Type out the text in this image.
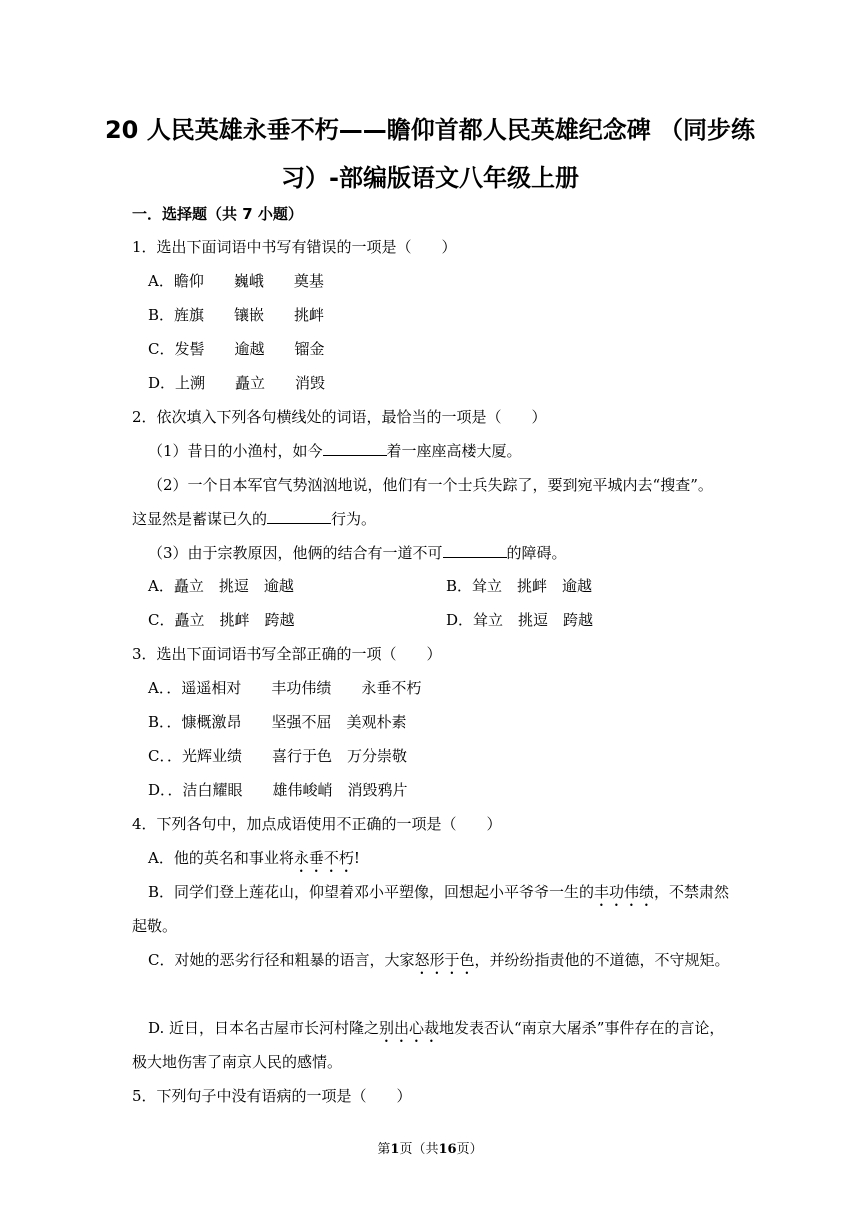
20 人民英雄永垂不朽——瞻仰首都人民英雄纪念碑 （同步练习）-部编版语文八年级上册
一．选择题（共 7 小题）
1．选出下面词语中书写有错误的一项是（　　）
A．瞻仰　　巍峨　　奠基
B．旌旗　　镶嵌　　挑衅
C．发髻　　逾越　　镏金
D．上溯　　矗立　　消毁
2．依次填入下列各句横线处的词语，最恰当的一项是（　　）
（1）昔日的小渔村，如今	着一座座高楼大厦。
（2）一个日本军官气势汹汹地说，他们有一个士兵失踪了，要到宛平城内去“搜查”。
这显然是蓄谋已久的	行为。
（3）由于宗教原因，他俩的结合有一道不可	的障碍。
A．矗立　挑逗　逾越	B．耸立　挑衅　逾越
C．矗立　挑衅　跨越	D．耸立　挑逗　跨越
3．选出下面词语书写全部正确的一项（　　）
A．．遥遥相对　　丰功伟绩　　永垂不朽
B．．慷概激昂　　坚强不屈　美观朴素
C．．光辉业绩　　喜行于色　万分崇敬
D．．洁白耀眼　　雄伟峻峭　消毁鸦片
4．下列各句中，加点成语使用不正确的一项是（　　）
A．他的英名和事业将永垂不朽!
B．同学们登上莲花山，仰望着邓小平塑像，回想起小平爷爷一生的丰功伟绩，不禁肃然
起敬。
C．对她的恶劣行径和粗暴的语言，大家怒形于色，并纷纷指责他的不道德，不守规矩。
D. 近日，日本名古屋市长河村隆之别出心裁地发表否认“南京大屠杀”事件存在的言论，
极大地伤害了南京人民的感情。
5．下列句子中没有语病的一项是（　　）
第1页（共16页）
